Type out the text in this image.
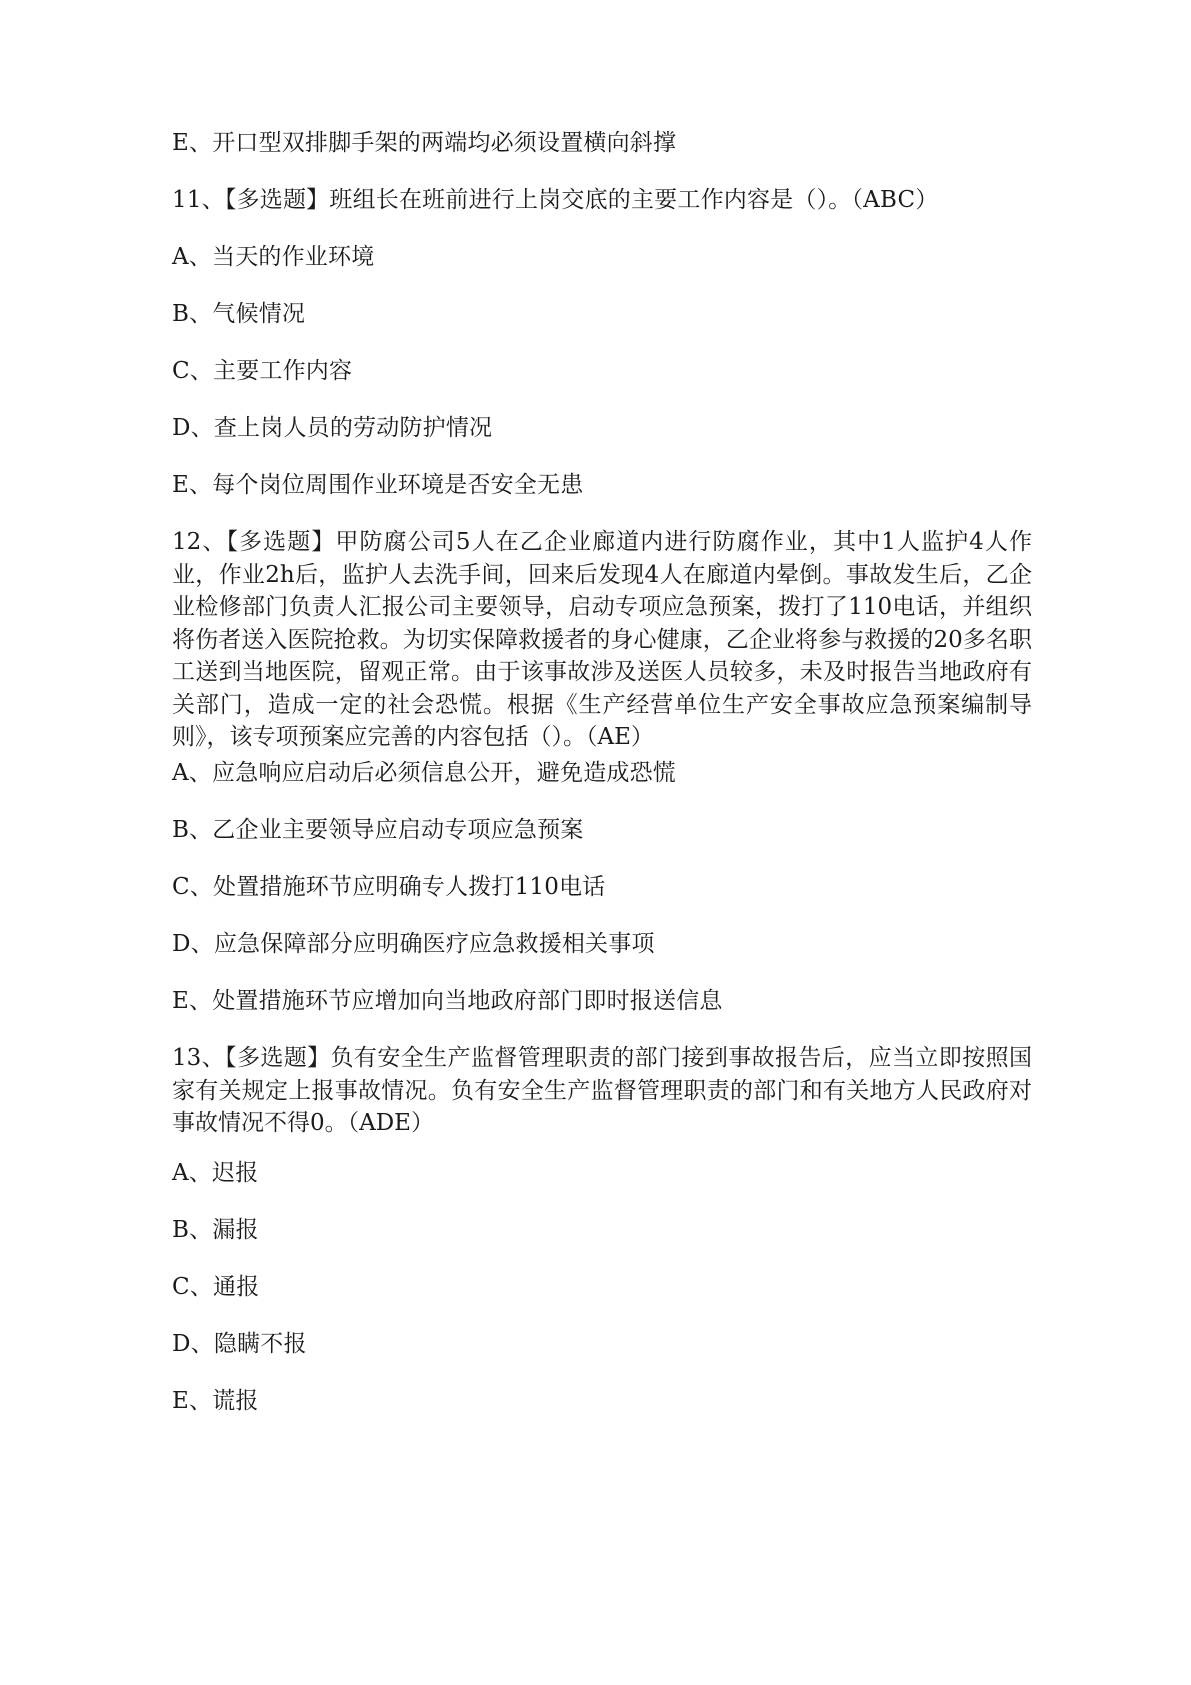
E、开口型双排脚手架的两端均必须设置横向斜撑
11、【多选题】班组长在班前进行上岗交底的主要工作内容是（）。（ABC）
A、当天的作业环境
B、气候情况
C、主要工作内容
D、查上岗人员的劳动防护情况
E、每个岗位周围作业环境是否安全无患
12、【多选题】甲防腐公司5人在乙企业廊道内进行防腐作业，其中1人监护4人作业，作业2h后，监护人去洗手间，回来后发现4人在廊道内晕倒。事故发生后，乙企业检修部门负责人汇报公司主要领导，启动专项应急预案，拨打了110电话，并组织将伤者送入医院抢救。为切实保障救援者的身心健康，乙企业将参与救援的20多名职工送到当地医院，留观正常。由于该事故涉及送医人员较多，未及时报告当地政府有关部门，造成一定的社会恐慌。根据《生产经营单位生产安全事故应急预案编制导则》，该专项预案应完善的内容包括（）。（AE）
A、应急响应启动后必须信息公开，避免造成恐慌
B、乙企业主要领导应启动专项应急预案
C、处置措施环节应明确专人拨打110电话
D、应急保障部分应明确医疗应急救援相关事项
E、处置措施环节应增加向当地政府部门即时报送信息
13、【多选题】负有安全生产监督管理职责的部门接到事故报告后，应当立即按照国家有关规定上报事故情况。负有安全生产监督管理职责的部门和有关地方人民政府对事故情况不得0。（ADE）
A、迟报
B、漏报
C、通报
D、隐瞒不报
E、谎报
